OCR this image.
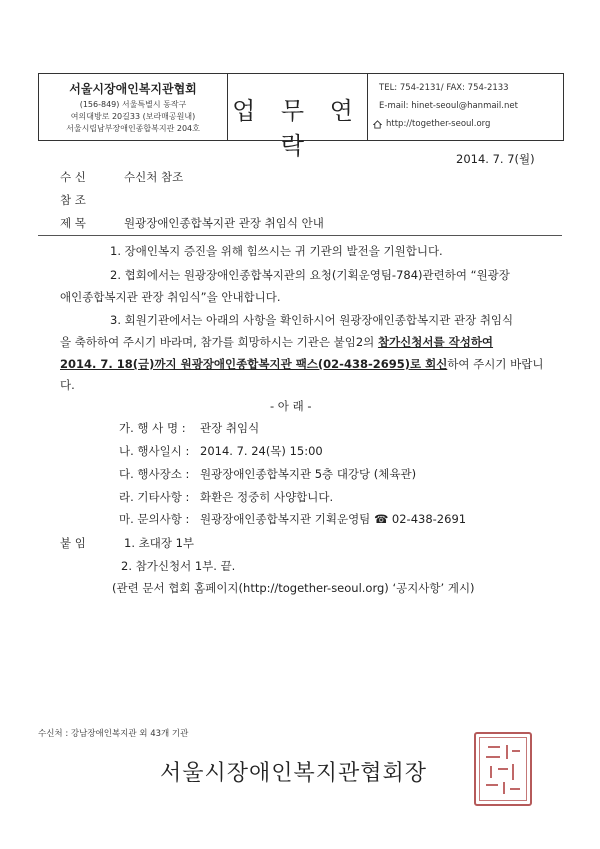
서울시장애인복지관협회
(156-849) 서울특별시 동작구
여의대방로 20길33 (보라매공원내)
서울시립남부장애인종합복지관 204호
업 무 연 락
TEL: 754-2131/ FAX: 754-2133
E-mail: hinet-seoul@hanmail.net
http://together-seoul.org
2014. 7. 7(월)
수 신	수신처 참조
참 조
제 목	원광장애인종합복지관 관장 취임식 안내
1. 장애인복지 증진을 위해 힘쓰시는 귀 기관의 발전을 기원합니다.
2. 협회에서는 원광장애인종합복지관의 요청(기획운영팀-784)관련하여 “원광장
애인종합복지관 관장 취임식”을 안내합니다.
3. 회원기관에서는 아래의 사항을 확인하시어 원광장애인종합복지관 관장 취임식
을 축하하여 주시기 바라며, 참가를 희망하시는 기관은 붙임2의 참가신청서를 작성하여
2014. 7. 18(금)까지 원광장애인종합복지관 팩스(02-438-2695)로 회신하여 주시기 바랍니
다.
- 아 래 -
가. 행 사 명 : 관장 취임식
나. 행사일시 : 2014. 7. 24(목) 15:00
다. 행사장소 : 원광장애인종합복지관 5층 대강당 (체육관)
라. 기타사항 : 화환은 정중히 사양합니다.
마. 문의사항 : 원광장애인종합복지관 기획운영팀 ☎ 02-438-2691
붙 임	1. 초대장 1부
2. 참가신청서 1부. 끝.
(관련 문서 협회 홈페이지(http://together-seoul.org) ‘공지사항’ 게시)
수신처 : 강남장애인복지관 외 43개 기관
서울시장애인복지관협회장
